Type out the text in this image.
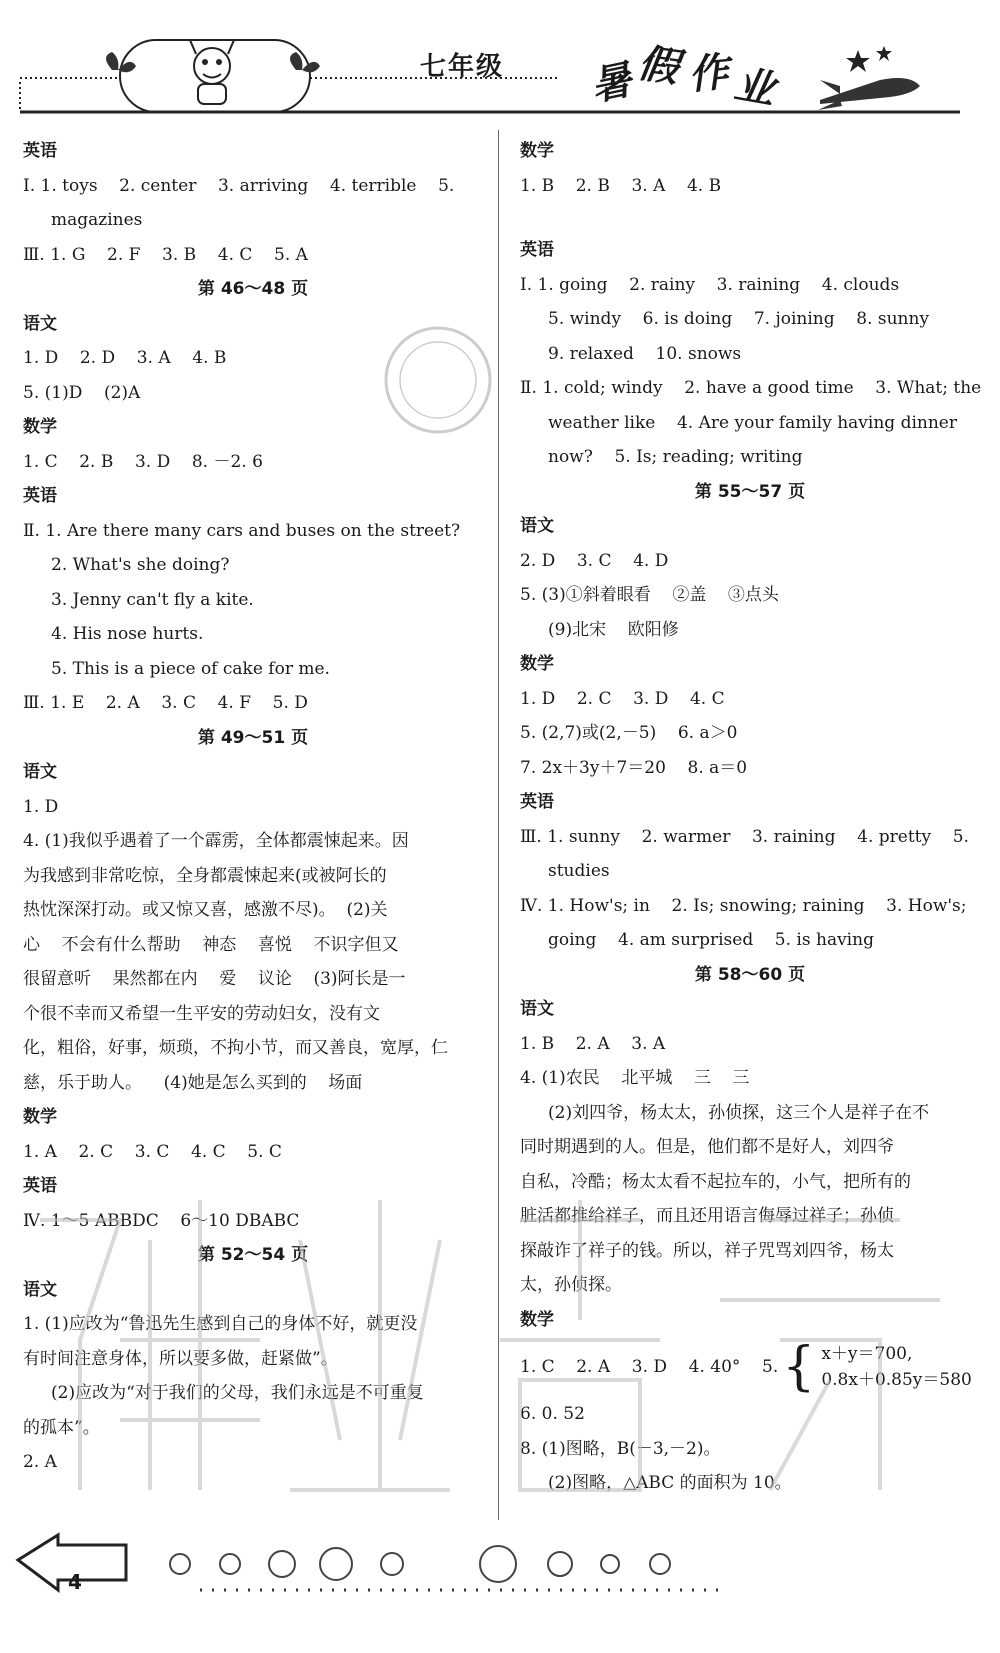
七年级 暑假 作业
英语
Ⅰ. 1. toys    2. center    3. arriving    4. terrible    5.
magazines
Ⅲ. 1. G    2. F    3. B    4. C    5. A
第 46～48 页
语文
1. D    2. D    3. A    4. B
5. (1)D    (2)A
数学
1. C    2. B    3. D    8. －2. 6
英语
Ⅱ. 1. Are there many cars and buses on the street?
2. What's she doing?
3. Jenny can't fly a kite.
4. His nose hurts.
5. This is a piece of cake for me.
Ⅲ. 1. E    2. A    3. C    4. F    5. D
第 49～51 页
语文
1. D
4. (1)我似乎遇着了一个霹雳，全体都震悚起来。因
为我感到非常吃惊，全身都震悚起来(或被阿长的
热忱深深打动。或又惊又喜，感激不尽)。  (2)关
心    不会有什么帮助    神态    喜悦    不识字但又
很留意听    果然都在内    爱    议论    (3)阿长是一
个很不幸而又希望一生平安的劳动妇女，没有文
化，粗俗，好事，烦琐，不拘小节，而又善良，宽厚，仁
慈，乐于助人。    (4)她是怎么买到的    场面
数学
1. A    2. C    3. C    4. C    5. C
英语
Ⅳ. 1～5 ABBDC    6～10 DBABC
第 52～54 页
语文
1. (1)应改为“鲁迅先生感到自己的身体不好，就更没
有时间注意身体，所以要多做，赶紧做”。
(2)应改为“对于我们的父母，我们永远是不可重复
的孤本”。
2. A
数学
1. B    2. B    3. A    4. B
英语
Ⅰ. 1. going    2. rainy    3. raining    4. clouds
5. windy    6. is doing    7. joining    8. sunny
9. relaxed    10. snows
Ⅱ. 1. cold; windy    2. have a good time    3. What; the
weather like    4. Are your family having dinner
now?    5. Is; reading; writing
第 55～57 页
语文
2. D    3. C    4. D
5. (3)①斜着眼看    ②盖    ③点头
(9)北宋    欧阳修
数学
1. D    2. C    3. D    4. C
5. (2,7)或(2,－5)    6. a＞0
7. 2x＋3y＋7＝20    8. a＝0
英语
Ⅲ. 1. sunny    2. warmer    3. raining    4. pretty    5.
studies
Ⅳ. 1. How's; in    2. Is; snowing; raining    3. How's;
going    4. am surprised    5. is having
第 58～60 页
语文
1. B    2. A    3. A
4. (1)农民    北平城    三    三
(2)刘四爷，杨太太，孙侦探，这三个人是祥子在不
同时期遇到的人。但是，他们都不是好人，刘四爷
自私，冷酷；杨太太看不起拉车的，小气，把所有的
脏活都推给祥子，而且还用语言侮辱过祥子；孙侦
探敲诈了祥子的钱。所以，祥子咒骂刘四爷，杨太
太，孙侦探。
数学
1. C    2. A    3. D    4. 40°    5. { x＋y＝700,
0.8x＋0.85y＝580
6. 0. 52
8. (1)图略，B(－3,－2)。
(2)图略，△ABC 的面积为 10。
4
